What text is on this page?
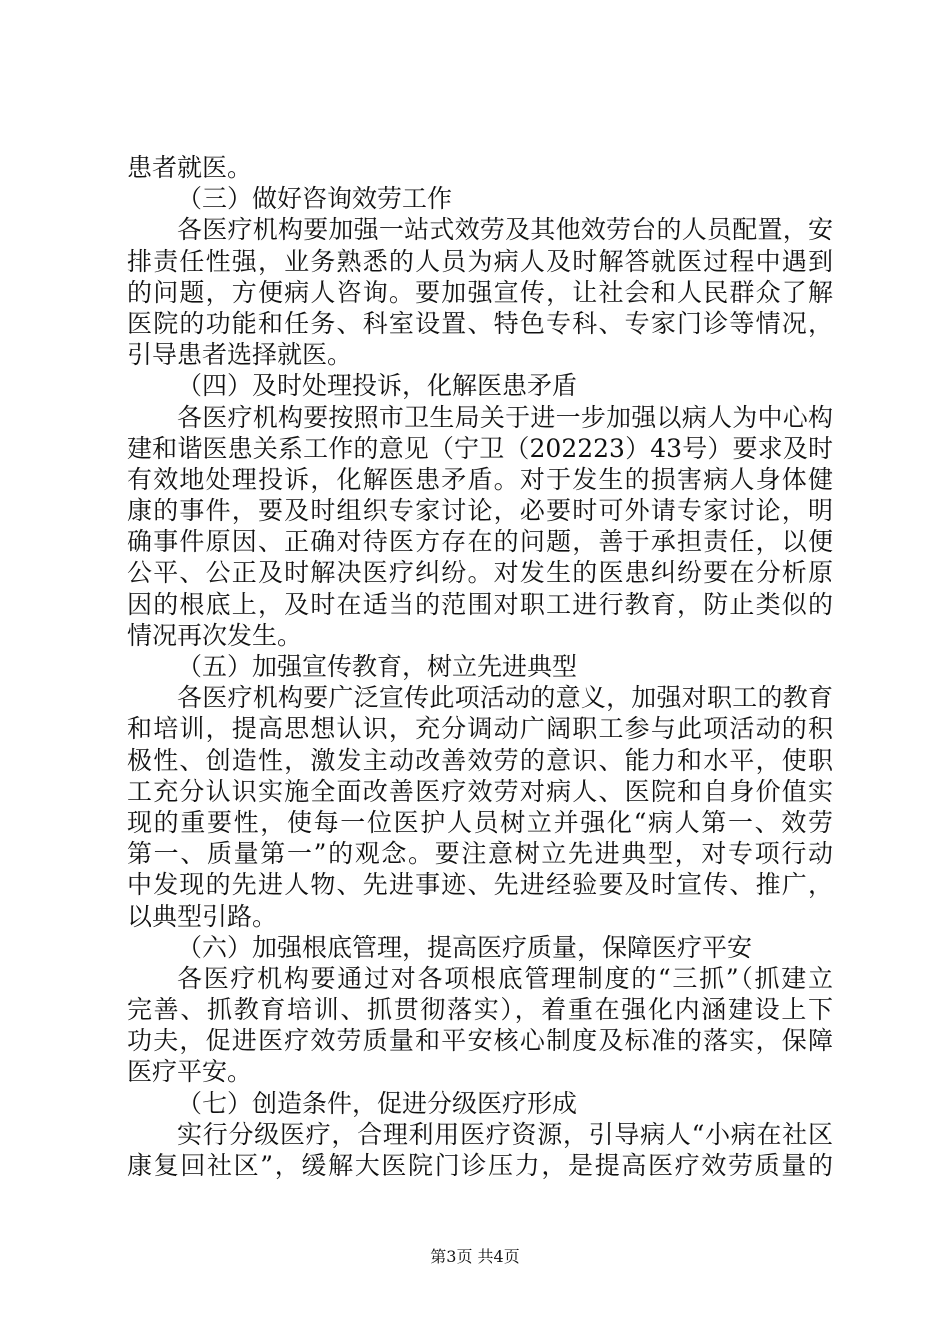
患者就医。
（三）做好咨询效劳工作
各医疗机构要加强一站式效劳及其他效劳台的人员配置，安
排责任性强，业务熟悉的人员为病人及时解答就医过程中遇到
的问题，方便病人咨询。要加强宣传，让社会和人民群众了解
医院的功能和任务、科室设置、特色专科、专家门诊等情况，
引导患者选择就医。
（四）及时处理投诉，化解医患矛盾
各医疗机构要按照市卫生局关于进一步加强以病人为中心构
建和谐医患关系工作的意见（宁卫（202223）43号）要求及时
有效地处理投诉，化解医患矛盾。对于发生的损害病人身体健
康的事件，要及时组织专家讨论，必要时可外请专家讨论，明
确事件原因、正确对待医方存在的问题，善于承担责任，以便
公平、公正及时解决医疗纠纷。对发生的医患纠纷要在分析原
因的根底上，及时在适当的范围对职工进行教育，防止类似的
情况再次发生。
（五）加强宣传教育，树立先进典型
各医疗机构要广泛宣传此项活动的意义，加强对职工的教育
和培训，提高思想认识，充分调动广阔职工参与此项活动的积
极性、创造性，激发主动改善效劳的意识、能力和水平，使职
工充分认识实施全面改善医疗效劳对病人、医院和自身价值实
现的重要性，使每一位医护人员树立并强化“病人第一、效劳
第一、质量第一”的观念。要注意树立先进典型，对专项行动
中发现的先进人物、先进事迹、先进经验要及时宣传、推广，
以典型引路。
（六）加强根底管理，提高医疗质量，保障医疗平安
各医疗机构要通过对各项根底管理制度的“三抓”（抓建立
完善、抓教育培训、抓贯彻落实），着重在强化内涵建设上下
功夫，促进医疗效劳质量和平安核心制度及标准的落实，保障
医疗平安。
（七）创造条件，促进分级医疗形成
实行分级医疗，合理利用医疗资源，引导病人“小病在社区
康复回社区”，缓解大医院门诊压力，是提高医疗效劳质量的
第3页 共4页
